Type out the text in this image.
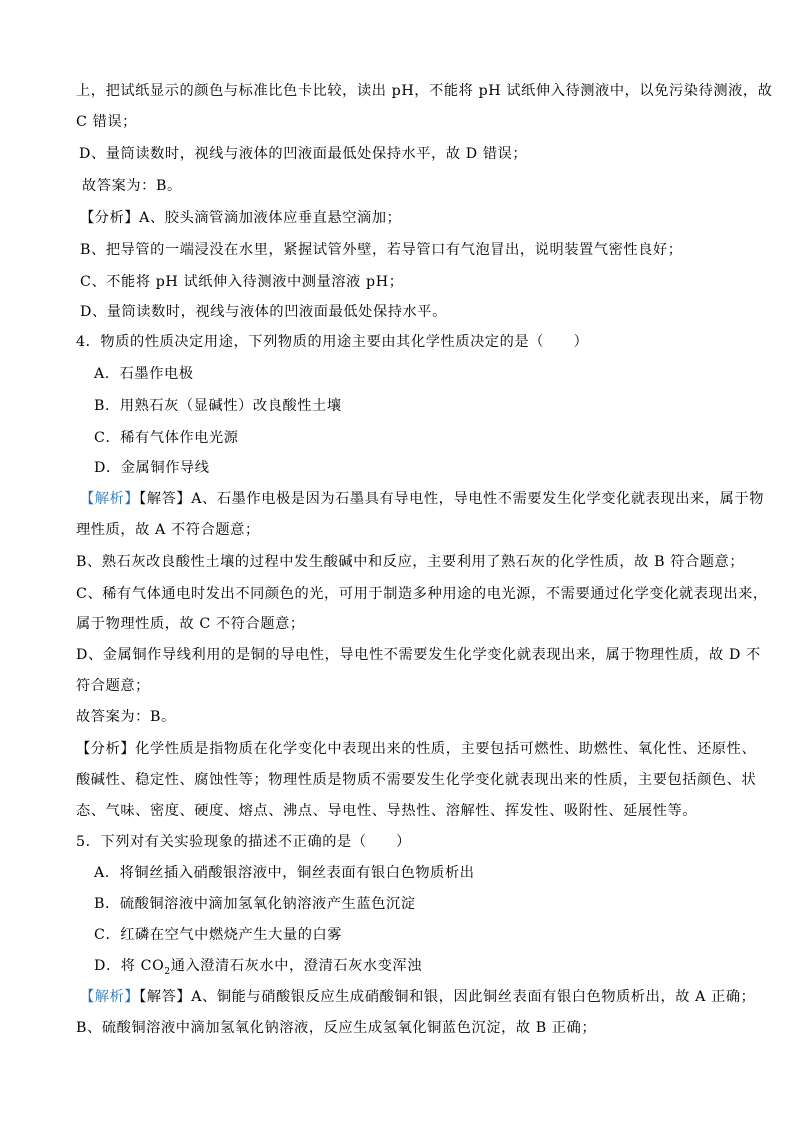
上，把试纸显示的颜色与标准比色卡比较，读出 pH，不能将 pH 试纸伸入待测液中，以免污染待测液，故
C 错误；
D、量筒读数时，视线与液体的凹液面最低处保持水平，故 D 错误；
故答案为：B。
【分析】A、胶头滴管滴加液体应垂直悬空滴加；
B、把导管的一端浸没在水里，紧握试管外壁，若导管口有气泡冒出，说明装置气密性良好；
C、不能将 pH 试纸伸入待测液中测量溶液 pH；
D、量筒读数时，视线与液体的凹液面最低处保持水平。
4．物质的性质决定用途，下列物质的用途主要由其化学性质决定的是（　　）
A．石墨作电极
B．用熟石灰（显碱性）改良酸性土壤
C．稀有气体作电光源
D．金属铜作导线
【解析】【解答】A、石墨作电极是因为石墨具有导电性，导电性不需要发生化学变化就表现出来，属于物
理性质，故 A 不符合题意；
B、熟石灰改良酸性土壤的过程中发生酸碱中和反应，主要利用了熟石灰的化学性质，故 B 符合题意；
C、稀有气体通电时发出不同颜色的光，可用于制造多种用途的电光源，不需要通过化学变化就表现出来，
属于物理性质，故 C 不符合题意；
D、金属铜作导线利用的是铜的导电性，导电性不需要发生化学变化就表现出来，属于物理性质，故 D 不
符合题意；
故答案为：B。
【分析】化学性质是指物质在化学变化中表现出来的性质，主要包括可燃性、助燃性、氧化性、还原性、
酸碱性、稳定性、腐蚀性等；物理性质是物质不需要发生化学变化就表现出来的性质，主要包括颜色、状
态、气味、密度、硬度、熔点、沸点、导电性、导热性、溶解性、挥发性、吸附性、延展性等。
5．下列对有关实验现象的描述不正确的是（　　）
A．将铜丝插入硝酸银溶液中，铜丝表面有银白色物质析出
B．硫酸铜溶液中滴加氢氧化钠溶液产生蓝色沉淀
C．红磷在空气中燃烧产生大量的白雾
D．将 $CO_2$通入澄清石灰水中，澄清石灰水变浑浊
【解析】【解答】A、铜能与硝酸银反应生成硝酸铜和银，因此铜丝表面有银白色物质析出，故 A 正确；
B、硫酸铜溶液中滴加氢氧化钠溶液，反应生成氢氧化铜蓝色沉淀，故 B 正确；
